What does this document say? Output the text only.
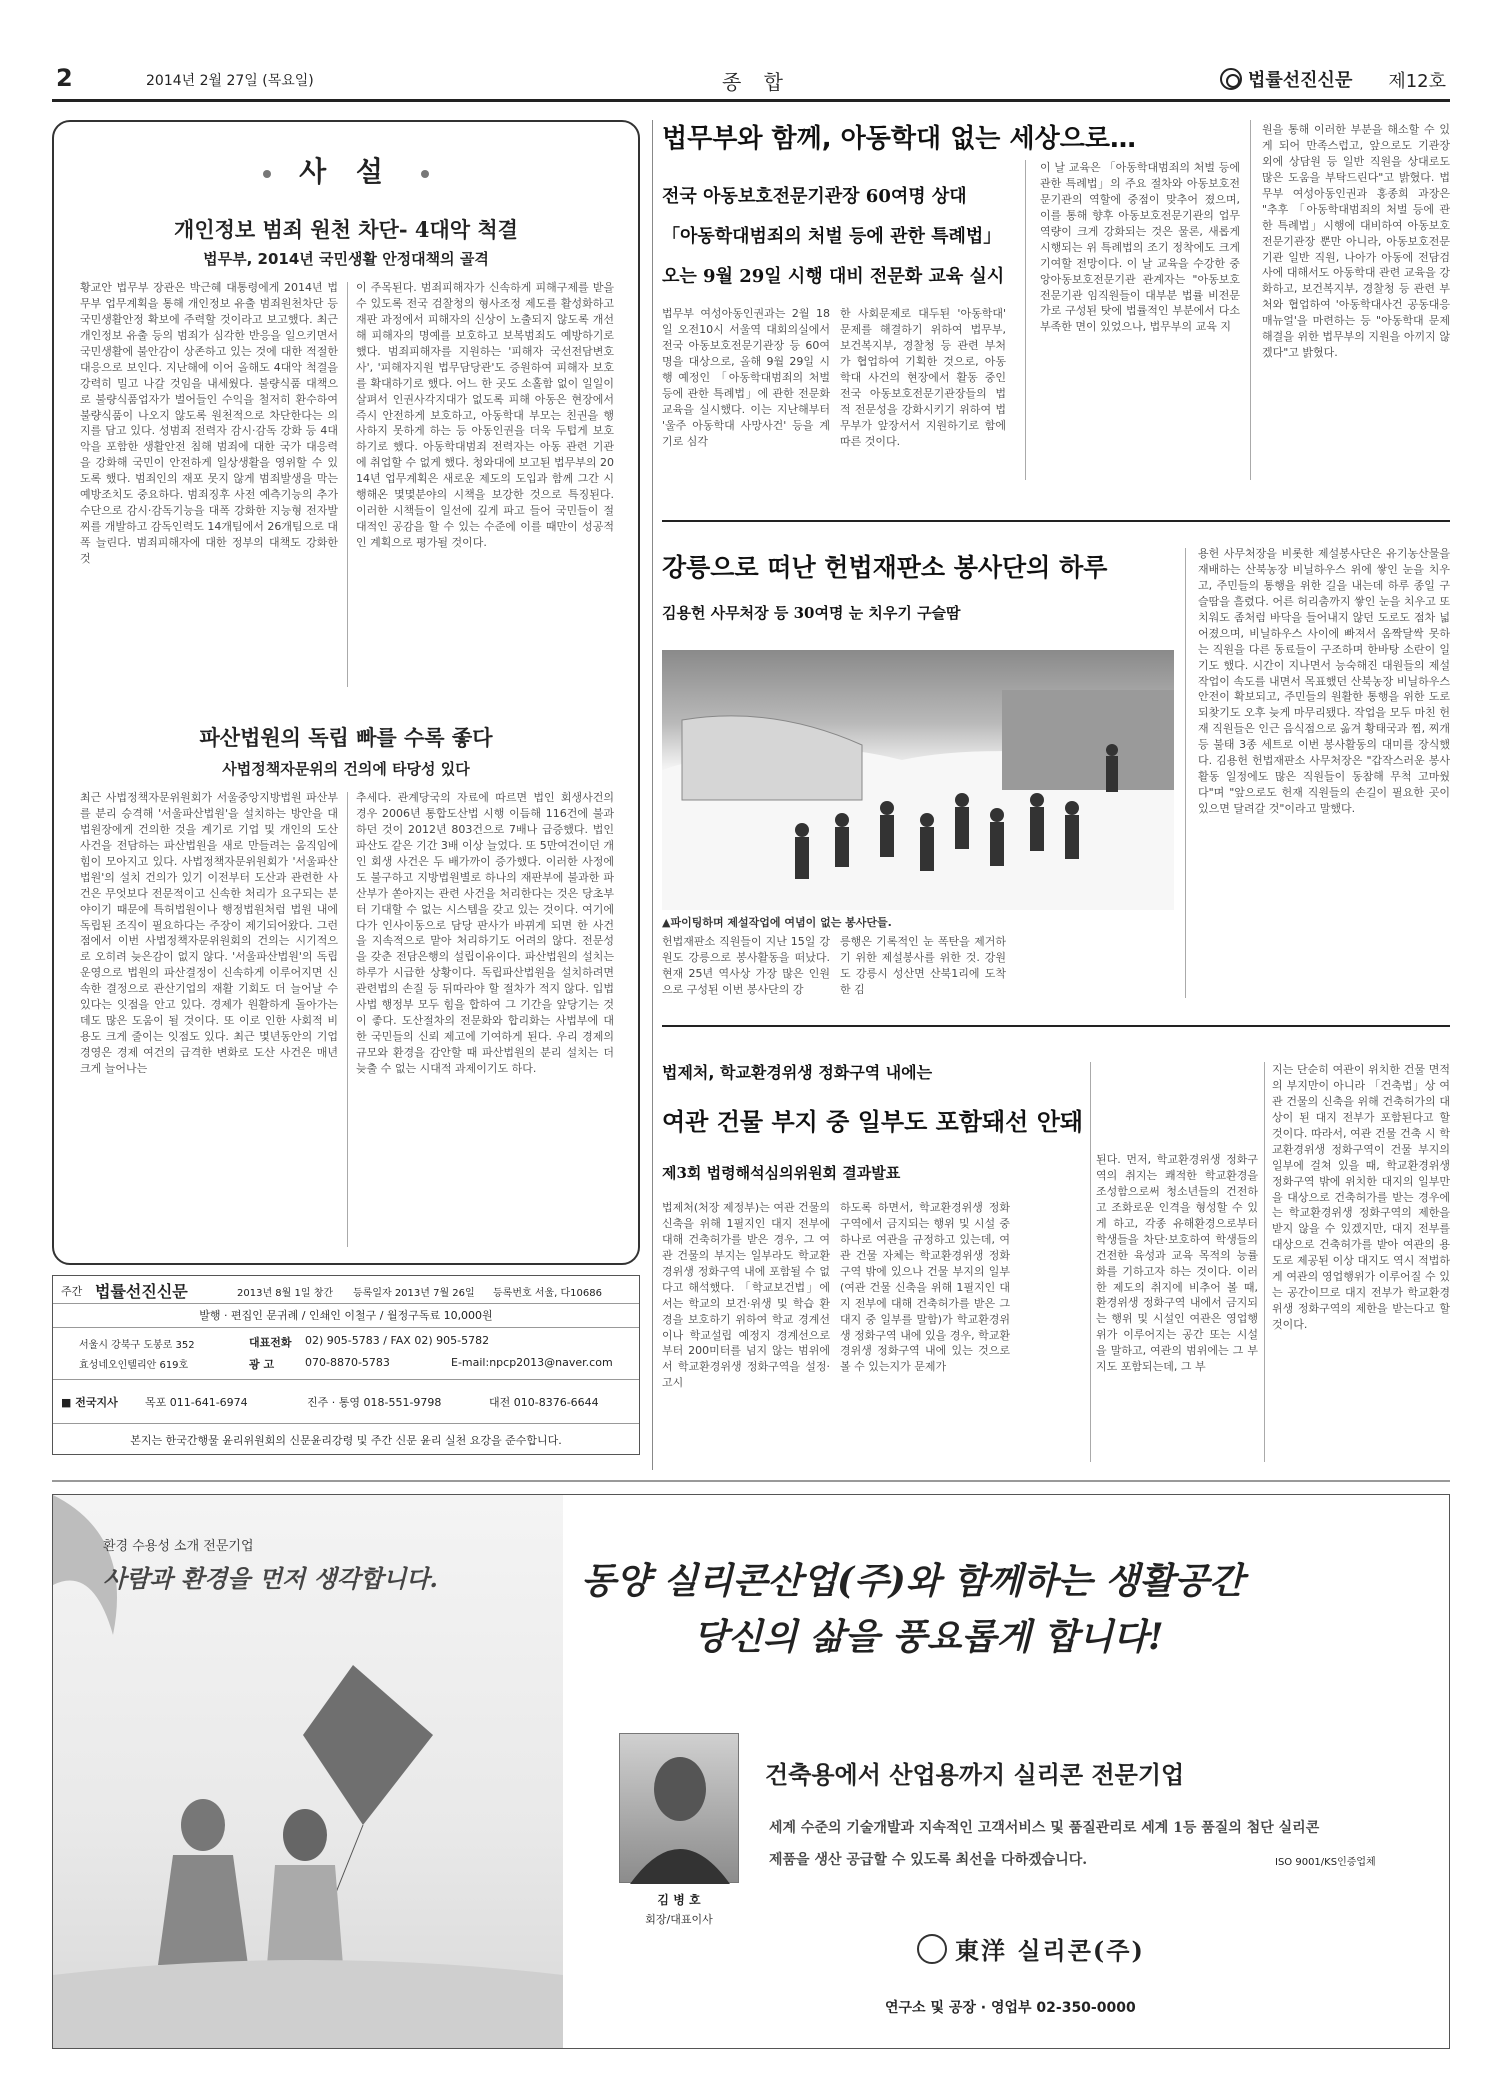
2	2014년 2월 27일 (목요일)	종 합	법률선진신문 제12호
사 설
개인정보 범죄 원천 차단- 4대악 척결
법무부, 2014년 국민생활 안정대책의 골격
황교안 법무부 장관은 박근혜 대통령에게 2014년 법무부 업무계획을 통해 개인정보 유출 범죄원천차단 등 국민생활안정 확보에 주력할 것이라고 보고했다. 최근 개인정보 유출 등의 범죄가 심각한 반응을 일으키면서 국민생활에 불안감이 상존하고 있는 것에 대한 적절한 대응으로 보인다. 지난해에 이어 올해도 4대악 척결을 강력히 밀고 나갈 것임을 내세웠다. 불량식품 대책으로 불량식품업자가 벌어들인 수익을 철저히 환수하여 불량식품이 나오지 않도록 원천적으로 차단한다는 의지를 담고 있다. 성범죄 전력자 감시·감독 강화 등 4대악을 포함한 생활안전 침해 범죄에 대한 국가 대응력을 강화해 국민이 안전하게 일상생활을 영위할 수 있도록 했다. 범죄인의 재포 못지 않게 범죄발생을 막는 예방조치도 중요하다. 범죄징후 사전 예측기능의 추가수단으로 감시·감독기능을 대폭 강화한 지능형 전자발찌를 개발하고 감독인력도 14개팀에서 26개팀으로 대폭 늘린다. 범죄피해자에 대한 정부의 대책도 강화한 것
이 주목된다. 범죄피해자가 신속하게 피해구제를 받을 수 있도록 전국 검찰청의 형사조정 제도를 활성화하고 재판 과정에서 피해자의 신상이 노출되지 않도록 개선해 피해자의 명예를 보호하고 보복범죄도 예방하기로 했다. 범죄피해자를 지원하는 '피해자 국선전담변호사', '피해자지원 법무담당관'도 증원하여 피해자 보호를 확대하기로 했다. 어느 한 곳도 소홀함 없이 일일이 살펴서 인권사각지대가 없도록 피해 아동은 현장에서 즉시 안전하게 보호하고, 아동학대 부모는 친권을 행사하지 못하게 하는 등 아동인권을 더욱 두텁게 보호하기로 했다. 아동학대범죄 전력자는 아동 관련 기관에 취업할 수 없게 했다. 청와대에 보고된 법무부의 2014년 업무계획은 새로운 제도의 도입과 함께 그간 시행해온 몇몇분야의 시책을 보강한 것으로 특징된다. 이러한 시책들이 일선에 깊게 파고 들어 국민들이 절대적인 공감을 할 수 있는 수준에 이를 때만이 성공적인 계획으로 평가될 것이다.
파산법원의 독립 빠를 수록 좋다
사법정책자문위의 건의에 타당성 있다
최근 사법정책자문위원회가 서울중앙지방법원 파산부를 분리 승격해 '서울파산법원'을 설치하는 방안을 대법원장에게 건의한 것을 계기로 기업 및 개인의 도산 사건을 전담하는 파산법원을 새로 만들려는 움직임에 힘이 모아지고 있다. 사법정책자문위원회가 '서울파산법원'의 설치 건의가 있기 이전부터 도산과 관련한 사건은 무엇보다 전문적이고 신속한 처리가 요구되는 분야이기 때문에 특허법원이나 행정법원처럼 법원 내에 독립된 조직이 필요하다는 주장이 제기되어왔다. 그런점에서 이번 사법정책자문위원회의 건의는 시기적으로 오히려 늦은감이 없지 않다. '서울파산법원'의 독립운영으로 법원의 파산결정이 신속하게 이루어지면 신속한 결정으로 관산기업의 재활 기회도 더 늘어날 수 있다는 잇점을 안고 있다. 경제가 원활하게 돌아가는데도 많은 도움이 될 것이다. 또 이로 인한 사회적 비용도 크게 줄이는 잇점도 있다. 최근 몇년동안의 기업경영은 경제 여건의 급격한 변화로 도산 사건은 매년 크게 늘어나는
추세다. 관계당국의 자료에 따르면 법인 회생사건의 경우 2006년 통합도산법 시행 이듬해 116건에 불과하던 것이 2012년 803건으로 7배나 급증했다. 법인 파산도 같은 기간 3배 이상 늘었다. 또 5만여건이던 개인 회생 사건은 두 배가까이 증가했다. 이러한 사정에도 불구하고 지방법원별로 하나의 재판부에 불과한 파산부가 쏟아지는 관련 사건을 처리한다는 것은 당초부터 기대할 수 없는 시스템을 갖고 있는 것이다. 여기에다가 인사이동으로 담당 판사가 바뀌게 되면 한 사건을 지속적으로 맡아 처리하기도 어려의 않다. 전문성을 갖춘 전담은행의 설립이유이다. 파산법원의 설치는 하루가 시급한 상황이다. 독립파산법원을 설치하려면 관련법의 손질 등 뒤따라야 할 절차가 적지 않다. 입법 사법 행정부 모두 힘을 합하여 그 기간을 앞당기는 것이 좋다. 도산절차의 전문화와 합리화는 사법부에 대한 국민들의 신뢰 제고에 기여하게 된다. 우리 경제의 규모와 환경을 감안할 때 파산법원의 분리 설치는 더 늦출 수 없는 시대적 과제이기도 하다.
주간 법률선진신문	2013년 8월 1일 창간 등록일자 2013년 7월 26일 등록번호 서울, 다10686
발행 · 편집인 문귀례 / 인쇄인 이철구 / 월정구독료 10,000원
서울시 강북구 도봉로 352
효성네오인텔리안 619호
대표전화 02) 905-5783 / FAX 02) 905-5782
광 고	070-8870-5783	E-mail:npcp2013@naver.com
■ 전국지사 목포 011-641-6974	진주 · 통영 018-551-9798	대전 010-8376-6644
본지는 한국간행물 윤리위원회의 신문윤리강령 및 주간 신문 윤리 실천 요강을 준수합니다.
법무부와 함께, 아동학대 없는 세상으로…
전국 아동보호전문기관장 60여명 상대
「아동학대범죄의 처벌 등에 관한 특례법」
오는 9월 29일 시행 대비 전문화 교육 실시
법무부 여성아동인권과는 2월 18일 오전10시 서울역 대회의실에서 전국 아동보호전문기관장 등 60여명을 대상으로, 올해 9월 29일 시행 예정인 「아동학대범죄의 처벌 등에 관한 특례법」에 관한 전문화 교육을 실시했다. 이는 지난해부터 '울주 아동학대 사망사건' 등을 계기로 심각
한 사회문제로 대두된 '아동학대' 문제를 해결하기 위하여 법무부, 보건복지부, 경찰청 등 관련 부처가 협업하여 기획한 것으로, 아동학대 사건의 현장에서 활동 중인 전국 아동보호전문기관장들의 법적 전문성을 강화시키기 위하여 법무부가 앞장서서 지원하기로 함에 따른 것이다.
이 날 교육은 「아동학대범죄의 처벌 등에 관한 특례법」의 주요 절차와 아동보호전문기관의 역할에 중점이 맞추어 졌으며, 이를 통해 향후 아동보호전문기관의 업무 역량이 크게 강화되는 것은 물론, 새롭게 시행되는 위 특례법의 조기 정착에도 크게 기여할 전망이다. 이 날 교육을 수강한 중앙아동보호전문기관 관계자는 "아동보호전문기관 임직원들이 대부분 법률 비전문가로 구성된 탓에 법률적인 부분에서 다소 부족한 면이 있었으나, 법무부의 교육 지
원을 통해 이러한 부분을 해소할 수 있게 되어 만족스럽고, 앞으로도 기관장 외에 상담원 등 일반 직원을 상대로도 많은 도움을 부탁드린다"고 밝혔다. 법무부 여성아동인권과 홍종희 과장은 "추후 「아동학대범죄의 처벌 등에 관한 특례법」시행에 대비하여 아동보호전문기관장 뿐만 아니라, 아동보호전문기관 일반 직원, 나아가 아동에 전담검사에 대해서도 아동학대 관련 교육을 강화하고, 보건복지부, 경찰청 등 관련 부처와 협업하여 '아동학대사건 공동대응 매뉴얼'을 마련하는 등 "아동학대 문제 해결을 위한 법무부의 지원을 아끼지 않겠다"고 밝혔다.
강릉으로 떠난 헌법재판소 봉사단의 하루
김용헌 사무처장 등 30여명 눈 치우기 구슬땀
▲파이팅하며 제설작업에 여념이 없는 봉사단들.
헌법재판소 직원들이 지난 15일 강원도 강릉으로 봉사활동을 떠났다. 현재 25년 역사상 가장 많은 인원으로 구성된 이번 봉사단의 강
릉행은 기록적인 눈 폭탄을 제거하기 위한 제설봉사를 위한 것. 강원도 강릉시 성산면 산북1리에 도착한 김
용헌 사무처장을 비롯한 제설봉사단은 유기농산물을 재배하는 산북농장 비닐하우스 위에 쌓인 눈을 치우고, 주민들의 통행을 위한 길을 내는데 하루 종일 구슬땀을 흘렸다. 어른 허리춤까지 쌓인 눈을 치우고 또 치워도 좀처럼 바닥을 들어내지 않던 도로도 점차 넓어졌으며, 비닐하우스 사이에 빠져서 옴짝달싹 못하는 직원을 다른 동료들이 구조하며 한바탕 소란이 일기도 했다. 시간이 지나면서 능숙해진 대원들의 제설작업이 속도를 내면서 목표했던 산북농장 비닐하우스 안전이 확보되고, 주민들의 원활한 통행을 위한 도로 되찾기도 오후 늦게 마무리됐다. 작업을 모두 마친 헌재 직원들은 인근 음식점으로 옮겨 황태국과 찜, 찌개 등 불태 3종 세트로 이번 봉사활동의 대미를 장식했다. 김용헌 헌법재판소 사무처장은 "갑작스러운 봉사활동 일정에도 많은 직원들이 동참해 무척 고마웠다"며 "앞으로도 헌재 직원들의 손길이 필요한 곳이 있으면 달려갈 것"이라고 말했다.
법제처, 학교환경위생 정화구역 내에는
여관 건물 부지 중 일부도 포함돼선 안돼
제3회 법령해석심의위원회 결과발표
법제처(처장 제정부)는 여관 건물의 신축을 위해 1필지인 대지 전부에 대해 건축허가를 받은 경우, 그 여관 건물의 부지는 일부라도 학교환경위생 정화구역 내에 포함될 수 없다고 해석했다. 「학교보건법」에서는 학교의 보건·위생 및 학습 환경을 보호하기 위하여 학교 경계선이나 학교설립 예정지 경계선으로부터 200미터를 넘지 않는 범위에서 학교환경위생 정화구역을 설정·고시
하도록 하면서, 학교환경위생 정화구역에서 금지되는 행위 및 시설 중 하나로 여관을 규정하고 있는데, 여관 건물 자체는 학교환경위생 정화구역 밖에 있으나 건물 부지의 일부(여관 건물 신축을 위해 1필지인 대지 전부에 대해 건축허가를 받은 그 대지 중 일부를 말함)가 학교환경위생 정화구역 내에 있을 경우, 학교환경위생 정화구역 내에 있는 것으로 볼 수 있는지가 문제가
된다. 먼저, 학교환경위생 정화구역의 취지는 쾌적한 학교환경을 조성함으로써 청소년들의 건전하고 조화로운 인격을 형성할 수 있게 하고, 각종 유해환경으로부터 학생들을 차단·보호하여 학생들의 건전한 육성과 교육 목적의 능률화를 기하고자 하는 것이다. 이러한 제도의 취지에 비추어 볼 때, 환경위생 정화구역 내에서 금지되는 행위 및 시설인 여관은 영업행위가 이루어지는 공간 또는 시설을 말하고, 여관의 범위에는 그 부지도 포함되는데, 그 부
지는 단순히 여관이 위치한 건물 면적의 부지만이 아니라 「건축법」상 여관 건물의 신축을 위해 건축허가의 대상이 된 대지 전부가 포함된다고 할 것이다. 따라서, 여관 건물 건축 시 학교환경위생 정화구역이 건물 부지의 일부에 걸쳐 있을 때, 학교환경위생 정화구역 밖에 위치한 대지의 일부만을 대상으로 건축허가를 받는 경우에는 학교환경위생 정화구역의 제한을 받지 않을 수 있겠지만, 대지 전부를 대상으로 건축허가를 받아 여관의 용도로 제공된 이상 대지도 역시 적법하게 여관의 영업행위가 이루어질 수 있는 공간이므로 대지 전부가 학교환경위생 정화구역의 제한을 받는다고 할 것이다.
환경 수용성 소개 전문기업
사람과 환경을 먼저 생각합니다.	동양 실리콘산업(주)와 함께하는 생활공간
당신의 삶을 풍요롭게 합니다!
김 병 호
회장/대표이사
건축용에서 산업용까지 실리콘 전문기업
세계 수준의 기술개발과 지속적인 고객서비스 및 품질관리로 세계 1등 품질의 첨단 실리콘
제품을 생산 공급할 수 있도록 최선을 다하겠습니다.	ISO 9001/KS인증업체
東洋 실리콘(주)
연구소 및 공장 · 영업부 02-350-0000
